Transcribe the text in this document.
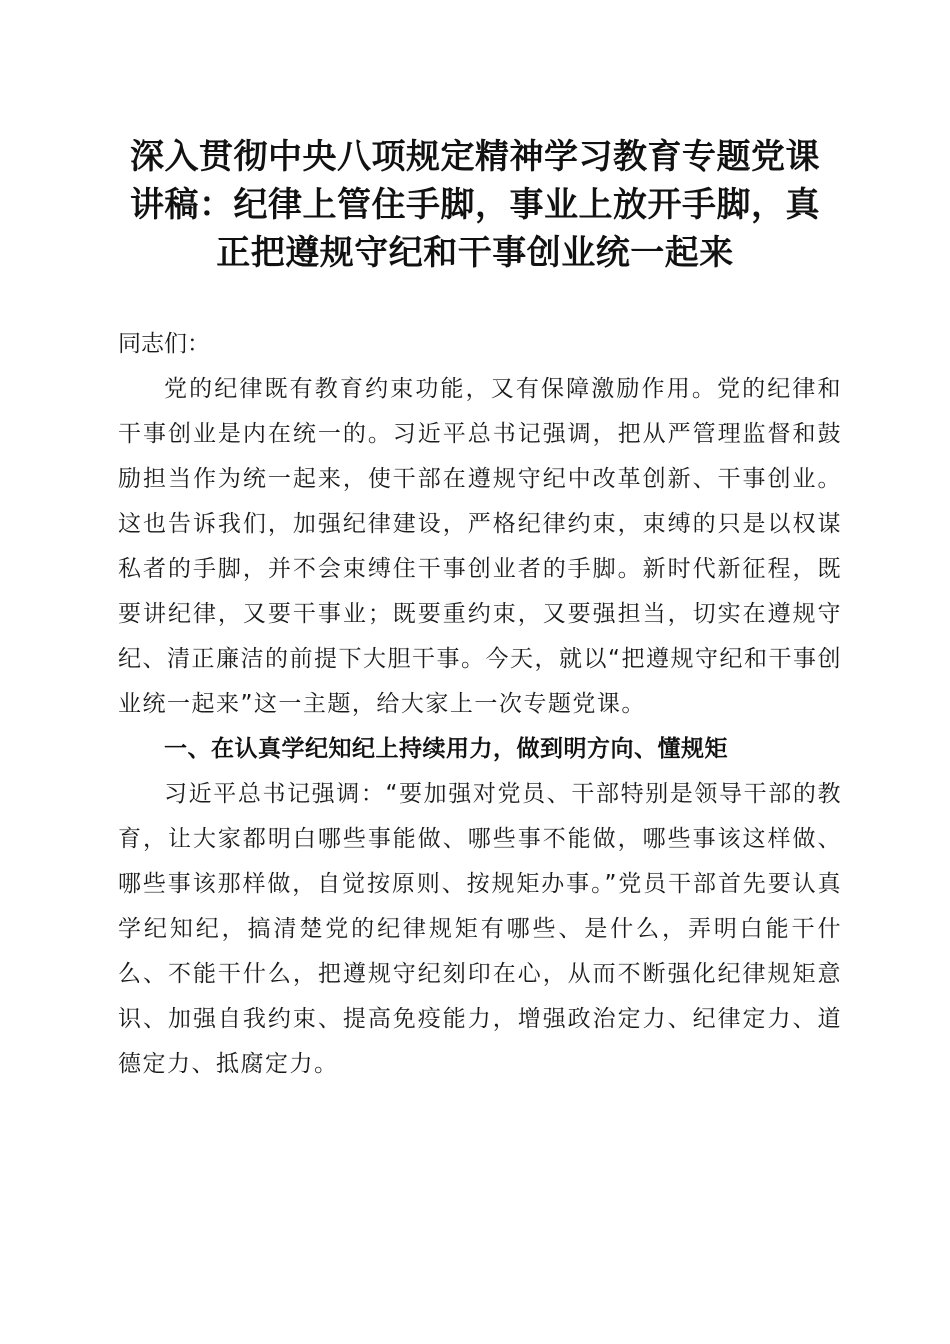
深入贯彻中央八项规定精神学习教育专题党课
讲稿：纪律上管住手脚，事业上放开手脚，真
正把遵规守纪和干事创业统一起来

同志们：

党的纪律既有教育约束功能，又有保障激励作用。党的纪律和干事创业是内在统一的。习近平总书记强调，把从严管理监督和鼓励担当作为统一起来，使干部在遵规守纪中改革创新、干事创业。这也告诉我们，加强纪律建设，严格纪律约束，束缚的只是以权谋私者的手脚，并不会束缚住干事创业者的手脚。新时代新征程，既要讲纪律，又要干事业；既要重约束，又要强担当，切实在遵规守纪、清正廉洁的前提下大胆干事。今天，就以“把遵规守纪和干事创业统一起来”这一主题，给大家上一次专题党课。

一、在认真学纪知纪上持续用力，做到明方向、懂规矩

习近平总书记强调：“要加强对党员、干部特别是领导干部的教育，让大家都明白哪些事能做、哪些事不能做，哪些事该这样做、哪些事该那样做，自觉按原则、按规矩办事。”党员干部首先要认真学纪知纪，搞清楚党的纪律规矩有哪些、是什么，弄明白能干什么、不能干什么，把遵规守纪刻印在心，从而不断强化纪律规矩意识、加强自我约束、提高免疫能力，增强政治定力、纪律定力、道德定力、抵腐定力。
